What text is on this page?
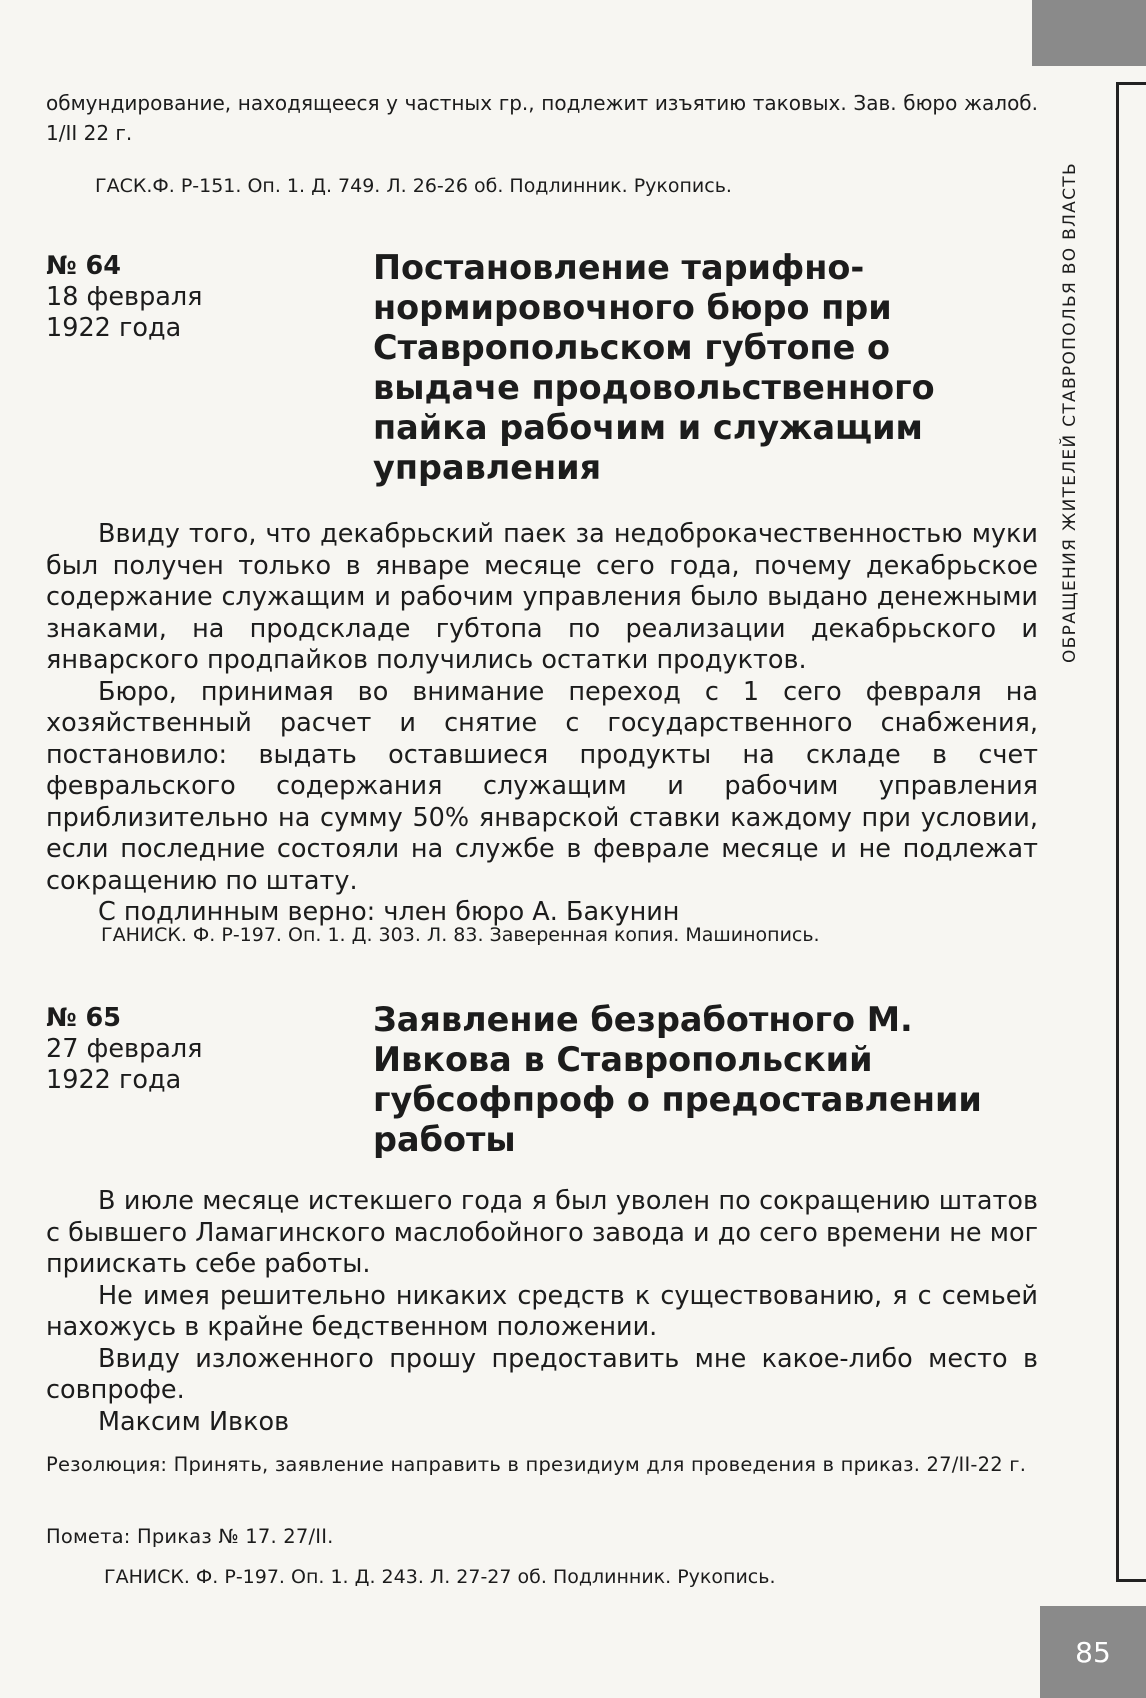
ОБРАЩЕНИЯ ЖИТЕЛЕЙ СТАВРОПОЛЬЯ ВО ВЛАСТЬ

обмундирование, находящееся у частных гр., подлежит изъятию таковых. Зав. бюро жалоб. 1/II 22 г.

ГАСК.Ф. Р-151. Оп. 1. Д. 749. Л. 26-26 об. Подлинник. Рукопись.

№ 64
18 февраля
1922 года
Постановление тарифно-нормировочного бюро при Ставропольском губтопе о выдаче продовольственного пайка рабочим и служащим управления

Ввиду того, что декабрьский паек за недоброкачественностью муки был получен только в январе месяце сего года, почему декабрьское содержание служащим и рабочим управления было выдано денежными знаками, на продскладе губтопа по реализации декабрьского и январского продпайков получились остатки продуктов.

Бюро, принимая во внимание переход с 1 сего февраля на хозяйственный расчет и снятие с государственного снабжения, постановило: выдать оставшиеся продукты на складе в счет февральского содержания служащим и рабочим управления приблизительно на сумму 50% январской ставки каждому при условии, если последние состояли на службе в феврале месяце и не подлежат сокращению по штату.

С подлинным верно: член бюро А. Бакунин

ГАНИСК. Ф. Р-197. Оп. 1. Д. 303. Л. 83. Заверенная копия. Машинопись.

№ 65
27 февраля
1922 года
Заявление безработного М. Ивкова в Ставропольский губсофпроф о предоставлении работы

В июле месяце истекшего года я был уволен по сокращению штатов с бывшего Ламагинского маслобойного завода и до сего времени не мог приискать себе работы.

Не имея решительно никаких средств к существованию, я с семьей нахожусь в крайне бедственном положении.

Ввиду изложенного прошу предоставить мне какое-либо место в совпрофе.

Максим Ивков

Резолюция: Принять, заявление направить в президиум для проведения в приказ. 27/II-22 г.

Помета: Приказ № 17. 27/II.

ГАНИСК. Ф. Р-197. Оп. 1. Д. 243. Л. 27-27 об. Подлинник. Рукопись.

85
